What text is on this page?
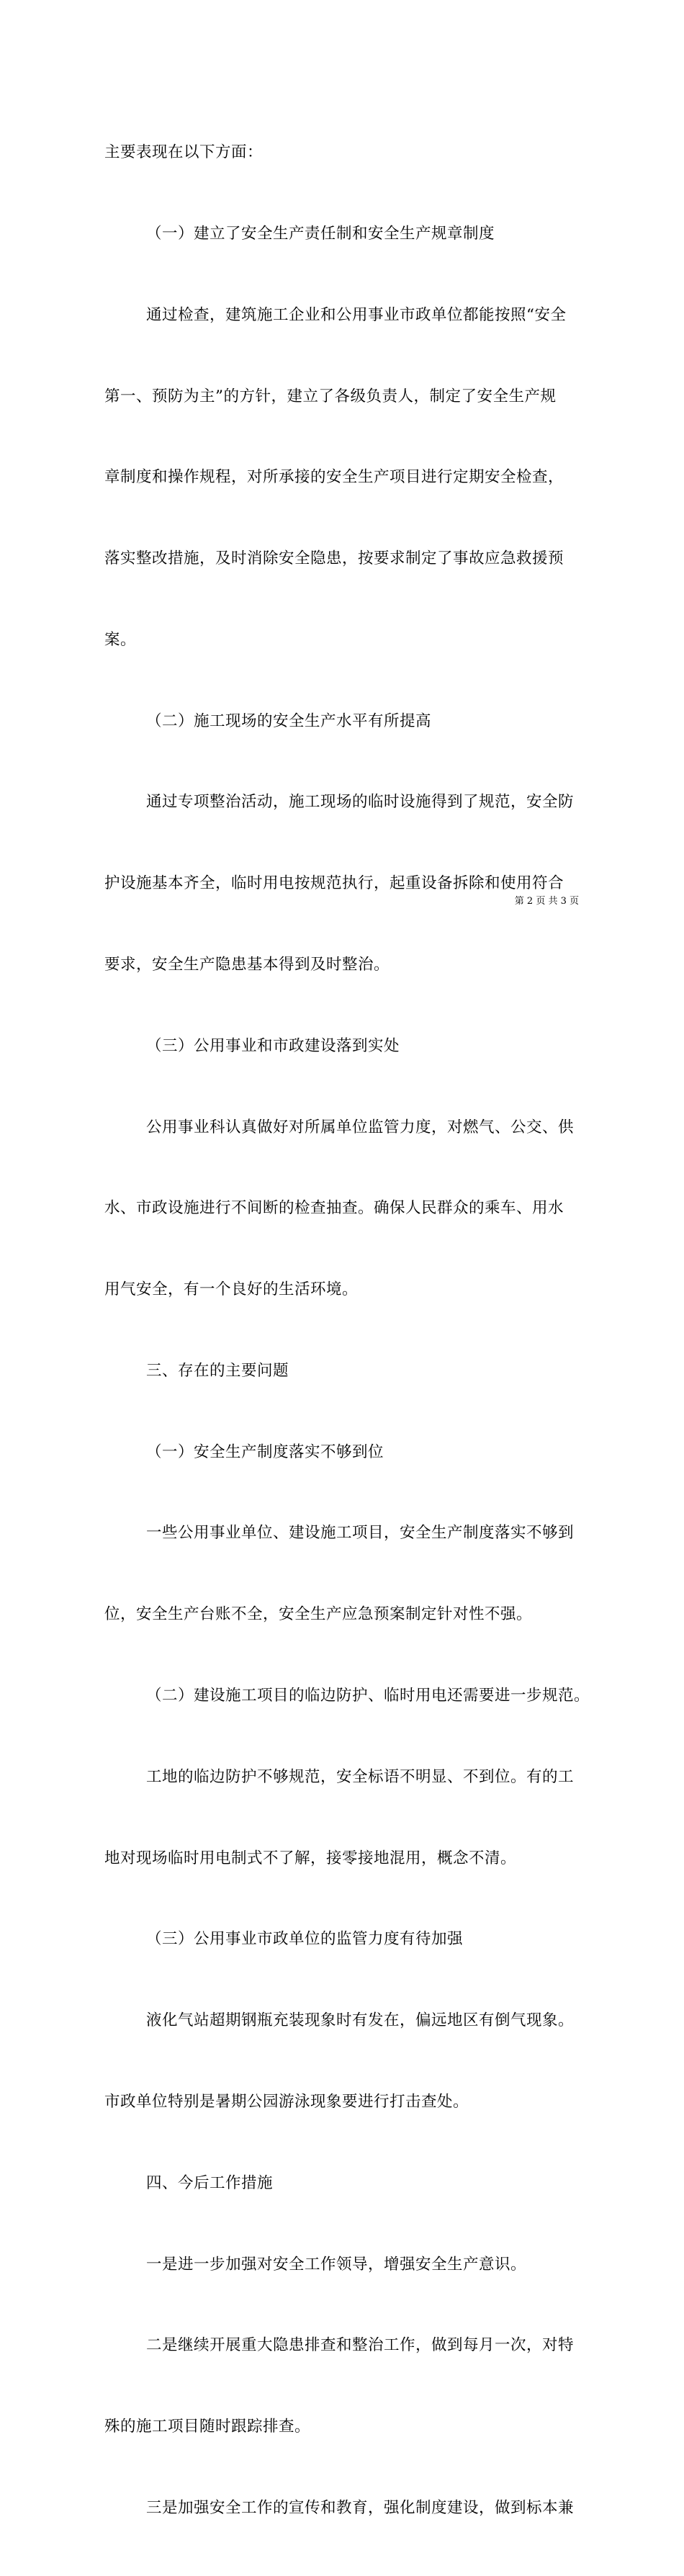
主要表现在以下方面：

（一）建立了安全生产责任制和安全生产规章制度

通过检查，建筑施工企业和公用事业市政单位都能按照“安全

第一、预防为主”的方针，建立了各级负责人，制定了安全生产规

章制度和操作规程，对所承接的安全生产项目进行定期安全检查，

落实整改措施，及时消除安全隐患，按要求制定了事故应急救援预

案。

（二）施工现场的安全生产水平有所提高

通过专项整治活动，施工现场的临时设施得到了规范，安全防

护设施基本齐全，临时用电按规范执行，起重设备拆除和使用符合

要求，安全生产隐患基本得到及时整治。

（三）公用事业和市政建设落到实处

公用事业科认真做好对所属单位监管力度，对燃气、公交、供

水、市政设施进行不间断的检查抽查。确保人民群众的乘车、用水

用气安全，有一个良好的生活环境。

三、存在的主要问题

（一）安全生产制度落实不够到位

一些公用事业单位、建设施工项目，安全生产制度落实不够到

位，安全生产台账不全，安全生产应急预案制定针对性不强。

（二）建设施工项目的临边防护、临时用电还需要进一步规范。

工地的临边防护不够规范，安全标语不明显、不到位。有的工

地对现场临时用电制式不了解，接零接地混用，概念不清。

（三）公用事业市政单位的监管力度有待加强

液化气站超期钢瓶充装现象时有发在，偏远地区有倒气现象。

市政单位特别是暑期公园游泳现象要进行打击查处。

四、今后工作措施

一是进一步加强对安全工作领导，增强安全生产意识。

二是继续开展重大隐患排查和整治工作，做到每月一次，对特

殊的施工项目随时跟踪排查。

三是加强安全工作的宣传和教育，强化制度建设，做到标本兼

第 2 页 共 3 页
